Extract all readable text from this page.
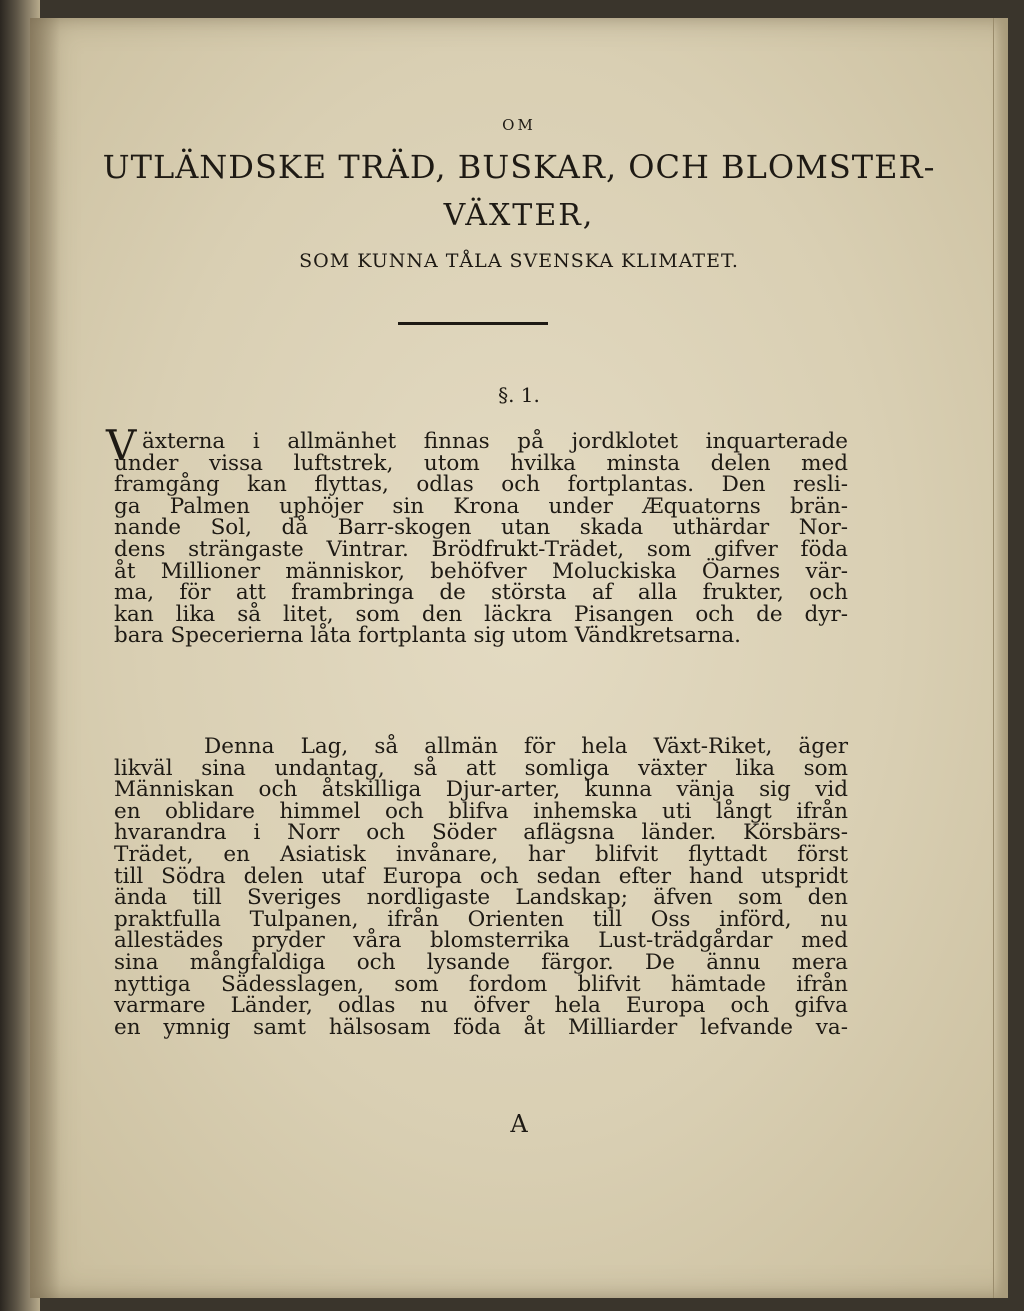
OM
UTLÄNDSKE TRÄD, BUSKAR, OCH BLOMSTER-
VÄXTER,
SOM KUNNA TÅLA SVENSKA KLIMATET.
§. 1.
V äxterna i allmänhet finnas på jordklotet inquarterade
under vissa luftstrek, utom hvilka minsta delen med
framgång kan flyttas, odlas och fortplantas. Den resli-
ga Palmen uphöjer sin Krona under Æquatorns brän-
nande Sol, då Barr-skogen utan skada uthärdar Nor-
dens strängaste Vintrar. Brödfrukt-Trädet, som gifver föda
åt Millioner människor, behöfver Moluckiska Öarnes vär-
ma, för att frambringa de största af alla frukter, och
kan lika så litet, som den läckra Pisangen och de dyr-
bara Specerierna låta fortplanta sig utom Vändkretsarna.
Denna Lag, så allmän för hela Växt-Riket, äger
likväl sina undantag, så att somliga växter lika som
Människan och åtskilliga Djur-arter, kunna vänja sig vid
en oblidare himmel och blifva inhemska uti långt ifrån
hvarandra i Norr och Söder aflägsna länder. Körsbärs-
Trädet, en Asiatisk invånare, har blifvit flyttadt först
till Södra delen utaf Europa och sedan efter hand utspridt
ända till Sveriges nordligaste Landskap; äfven som den
praktfulla Tulpanen, ifrån Orienten till Oss införd, nu
allestädes pryder våra blomsterrika Lust-trädgårdar med
sina mångfaldiga och lysande färgor. De ännu mera
nyttiga Sädesslagen, som fordom blifvit hämtade ifrån
varmare Länder, odlas nu öfver hela Europa och gifva
en ymnig samt hälsosam föda åt Milliarder lefvande va-
A
